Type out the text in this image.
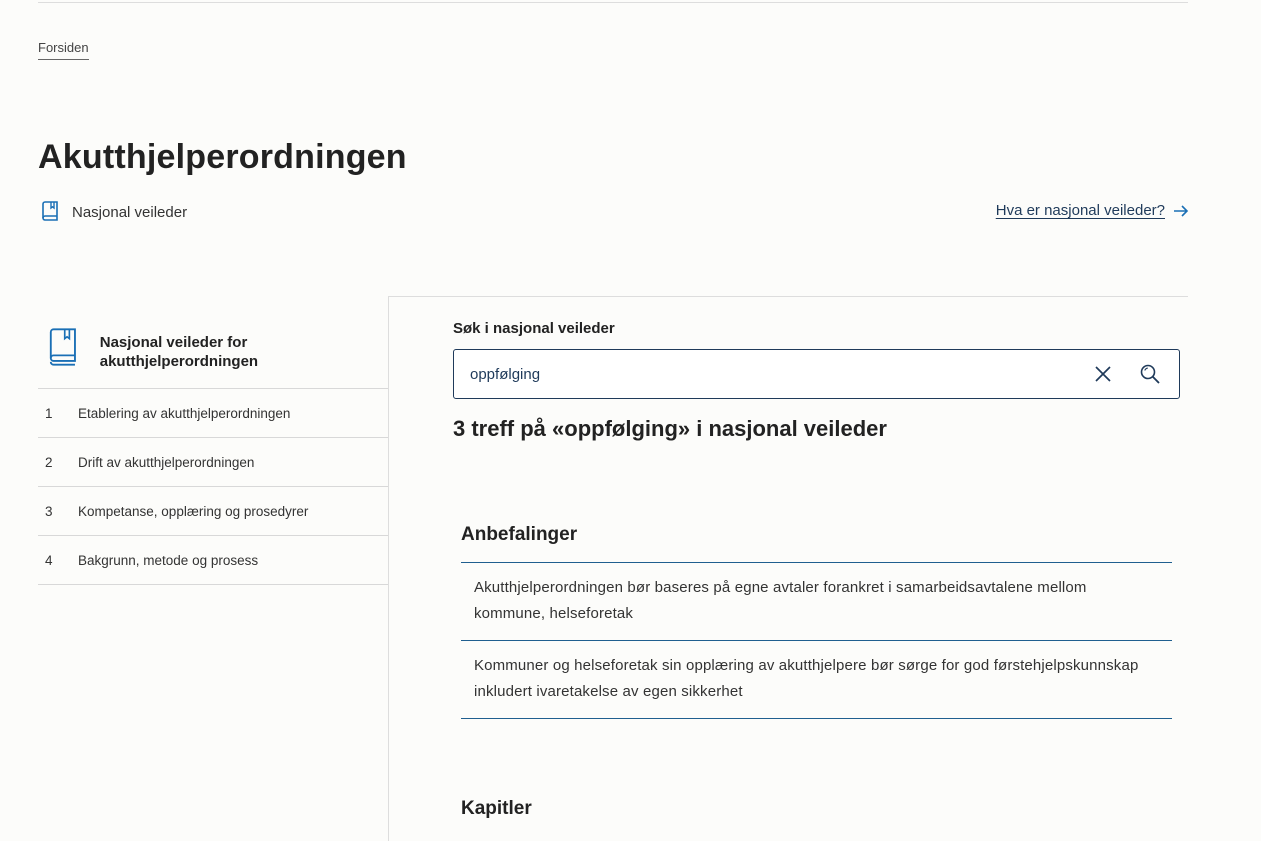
Forsiden
Akutthjelperordningen
Nasjonal veileder	Hva er nasjonal veileder?
Nasjonal veileder for akutthjelperordningen
1	Etablering av akutthjelperordningen
2	Drift av akutthjelperordningen
3	Kompetanse, opplæring og prosedyrer
4	Bakgrunn, metode og prosess
Søk i nasjonal veileder
oppfølging
3 treff på «oppfølging» i nasjonal veileder
Anbefalinger
Akutthjelperordningen bør baseres på egne avtaler forankret i samarbeidsavtalene mellom kommune, helseforetak
Kommuner og helseforetak sin opplæring av akutthjelpere bør sørge for god førstehjelpskunnskap inkludert ivaretakelse av egen sikkerhet
Kapitler
